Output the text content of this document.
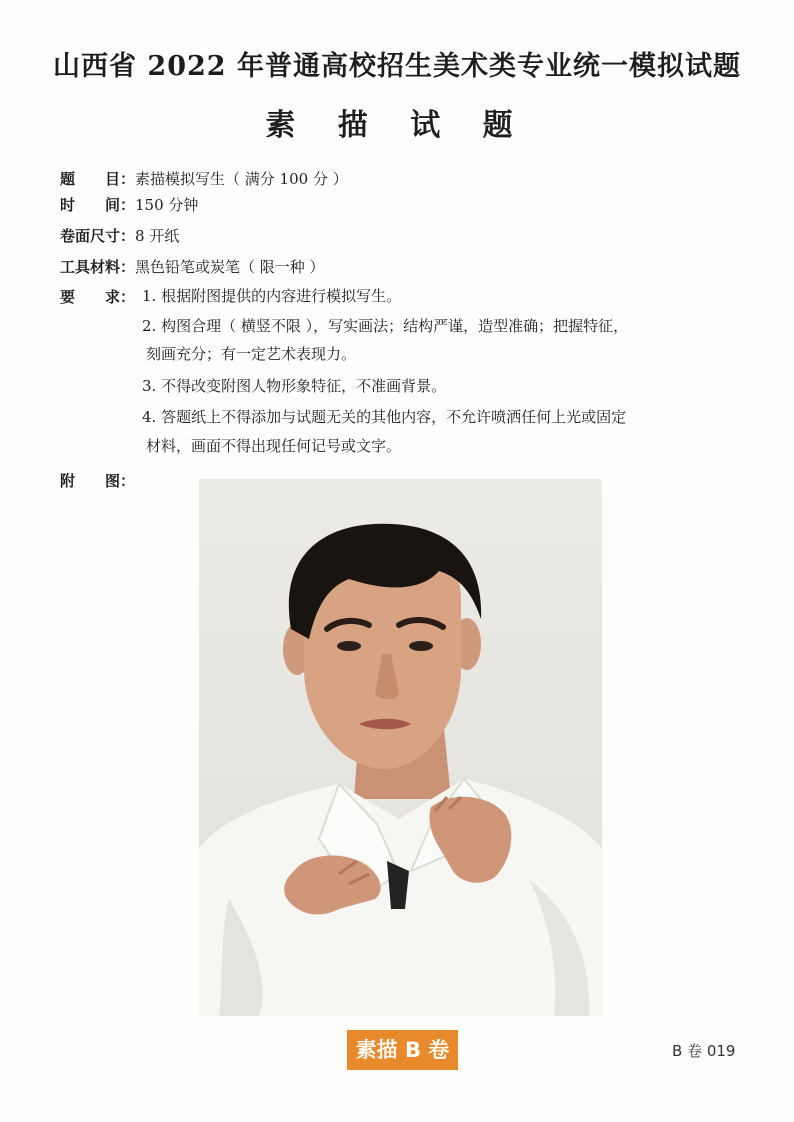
山西省 2022 年普通高校招生美术类专业统一模拟试题
素 描 试 题
题　　目：素描模拟写生（ 满分 100 分 ）
时　　间：150 分钟
卷面尺寸：8 开纸
工具材料：黑色铅笔或炭笔（ 限一种 ）
要　　求： 1. 根据附图提供的内容进行模拟写生。
2. 构图合理（ 横竖不限 ），写实画法；结构严谨，造型准确；把握特征，
刻画充分；有一定艺术表现力。
3. 不得改变附图人物形象特征，不准画背景。
4. 答题纸上不得添加与试题无关的其他内容，不允许喷洒任何上光或固定
材料，画面不得出现任何记号或文字。
附　　图：
素描 B 卷	B 卷 019
